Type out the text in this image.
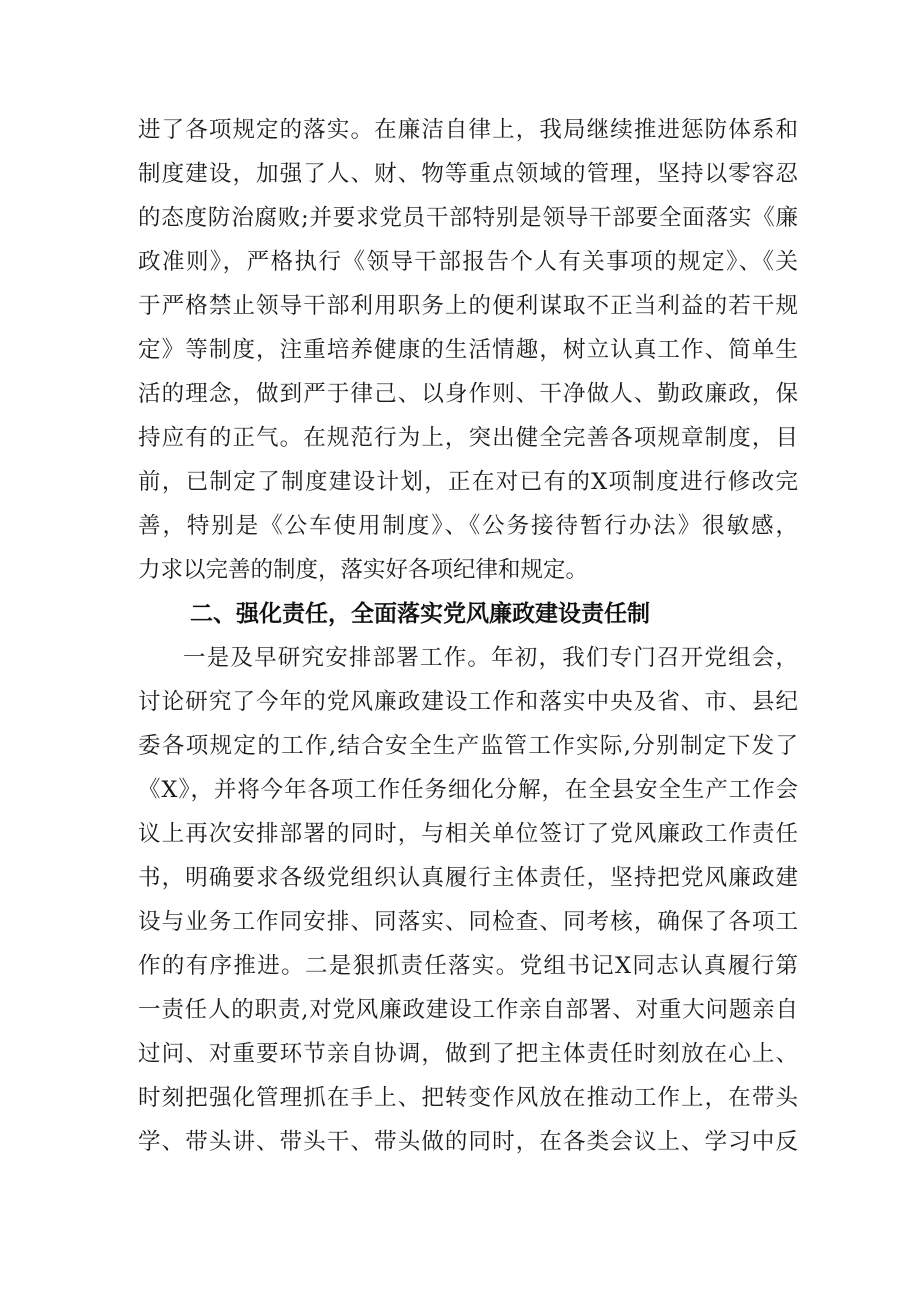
进了各项规定的落实。在廉洁自律上，我局继续推进惩防体系和
制度建设，加强了人、财、物等重点领域的管理，坚持以零容忍
的态度防治腐败;并要求党员干部特别是领导干部要全面落实《廉
政准则》，严格执行《领导干部报告个人有关事项的规定》、《关
于严格禁止领导干部利用职务上的便利谋取不正当利益的若干规
定》等制度，注重培养健康的生活情趣，树立认真工作、简单生
活的理念，做到严于律己、以身作则、干净做人、勤政廉政，保
持应有的正气。在规范行为上，突出健全完善各项规章制度，目
前，已制定了制度建设计划，正在对已有的X项制度进行修改完
善，特别是《公车使用制度》、《公务接待暂行办法》很敏感，
力求以完善的制度，落实好各项纪律和规定。
二、强化责任，全面落实党风廉政建设责任制
一是及早研究安排部署工作。年初，我们专门召开党组会，
讨论研究了今年的党风廉政建设工作和落实中央及省、市、县纪
委各项规定的工作,结合安全生产监管工作实际,分别制定下发了
《X》，并将今年各项工作任务细化分解，在全县安全生产工作会
议上再次安排部署的同时，与相关单位签订了党风廉政工作责任
书，明确要求各级党组织认真履行主体责任，坚持把党风廉政建
设与业务工作同安排、同落实、同检查、同考核，确保了各项工
作的有序推进。二是狠抓责任落实。党组书记X同志认真履行第
一责任人的职责,对党风廉政建设工作亲自部署、对重大问题亲自
过问、对重要环节亲自协调，做到了把主体责任时刻放在心上、
时刻把强化管理抓在手上、把转变作风放在推动工作上，在带头
学、带头讲、带头干、带头做的同时，在各类会议上、学习中反
